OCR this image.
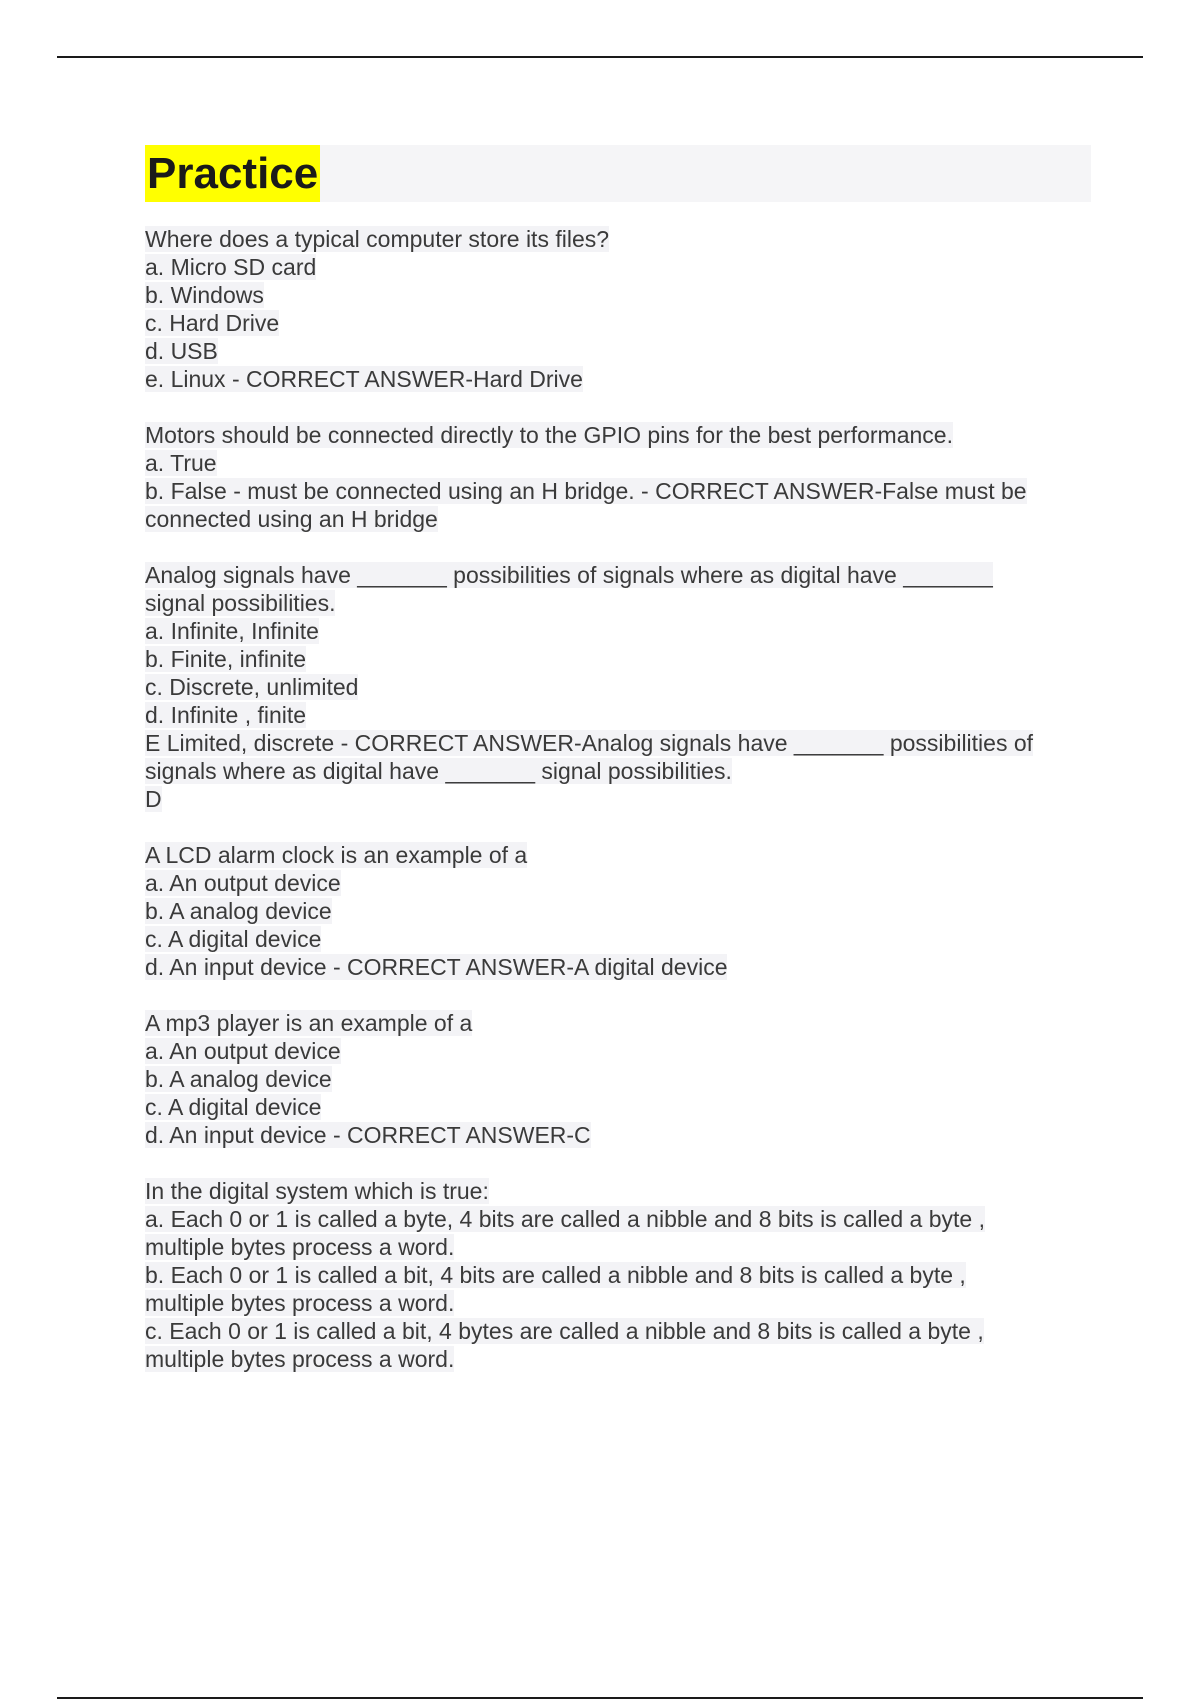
Practice
Where does a typical computer store its files?
a. Micro SD card
b. Windows
c. Hard Drive
d. USB
e. Linux - CORRECT ANSWER-Hard Drive
Motors should be connected directly to the GPIO pins for the best performance.
a. True
b. False - must be connected using an H bridge. - CORRECT ANSWER-False must be
connected using an H bridge
Analog signals have _______ possibilities of signals where as digital have _______
signal possibilities.
a. Infinite, Infinite
b. Finite, infinite
c. Discrete, unlimited
d. Infinite , finite
E Limited, discrete - CORRECT ANSWER-Analog signals have _______ possibilities of
signals where as digital have _______ signal possibilities.
D
A LCD alarm clock is an example of a
a. An output device
b. A analog device
c. A digital device
d. An input device - CORRECT ANSWER-A digital device
A mp3 player is an example of a
a. An output device
b. A analog device
c. A digital device
d. An input device - CORRECT ANSWER-C
In the digital system which is true:
a. Each 0 or 1 is called a byte, 4 bits are called a nibble and 8 bits is called a byte ,
multiple bytes process a word.
b. Each 0 or 1 is called a bit, 4 bits are called a nibble and 8 bits is called a byte ,
multiple bytes process a word.
c. Each 0 or 1 is called a bit, 4 bytes are called a nibble and 8 bits is called a byte ,
multiple bytes process a word.
